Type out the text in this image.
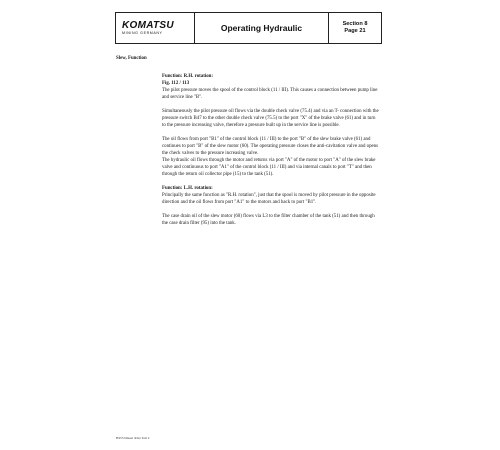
KOMATSU
MINING GERMANY	Operating Hydraulic	Section 8
Page 21
Slew, Function

Function: R.H. rotation:

Fig. 112 / 113

The pilot pressure moves the spool of the control block (11 / III). This causes a connection between pump line and service line "B".

Simultaneously the pilot pressure oil flows via the double check valve (75.4) and via an T- connection with the pressure switch B47 to the other double check valve (75.5) to the port "X" of the brake valve (61) and in turn to the pressure increasing valve, therefore a pressure built up in the service line is possible.

The oil flows from port "B1" of the control block (11 / III) to the port "B" of the slew brake valve (61) and continues to port "B" of the slew motor (60). The operating pressure closes the anti-cavitation valve and opens the check valves to the pressure increasing valve.

The hydraulic oil flows through the motor and returns via port "A" of the motor to port "A" of the slew brake valve and continuous to port "A1" of the control block (11 / III) and via internal canals to port "T" and then through the return oil collector pipe (15) to the tank (51).

Function: L.H. rotation:

Principally the same function as "R.H. rotation", just that the spool is moved by pilot pressure in the opposite direction and the oil flows from port "A1" to the motors and back to port "B1".

The case drain oil of the slew motor (60) flows via L3 to the filter chamber of the tank (51) and then through the case drain filter (95) into the tank.

H255 Diesel drive Teil 2
